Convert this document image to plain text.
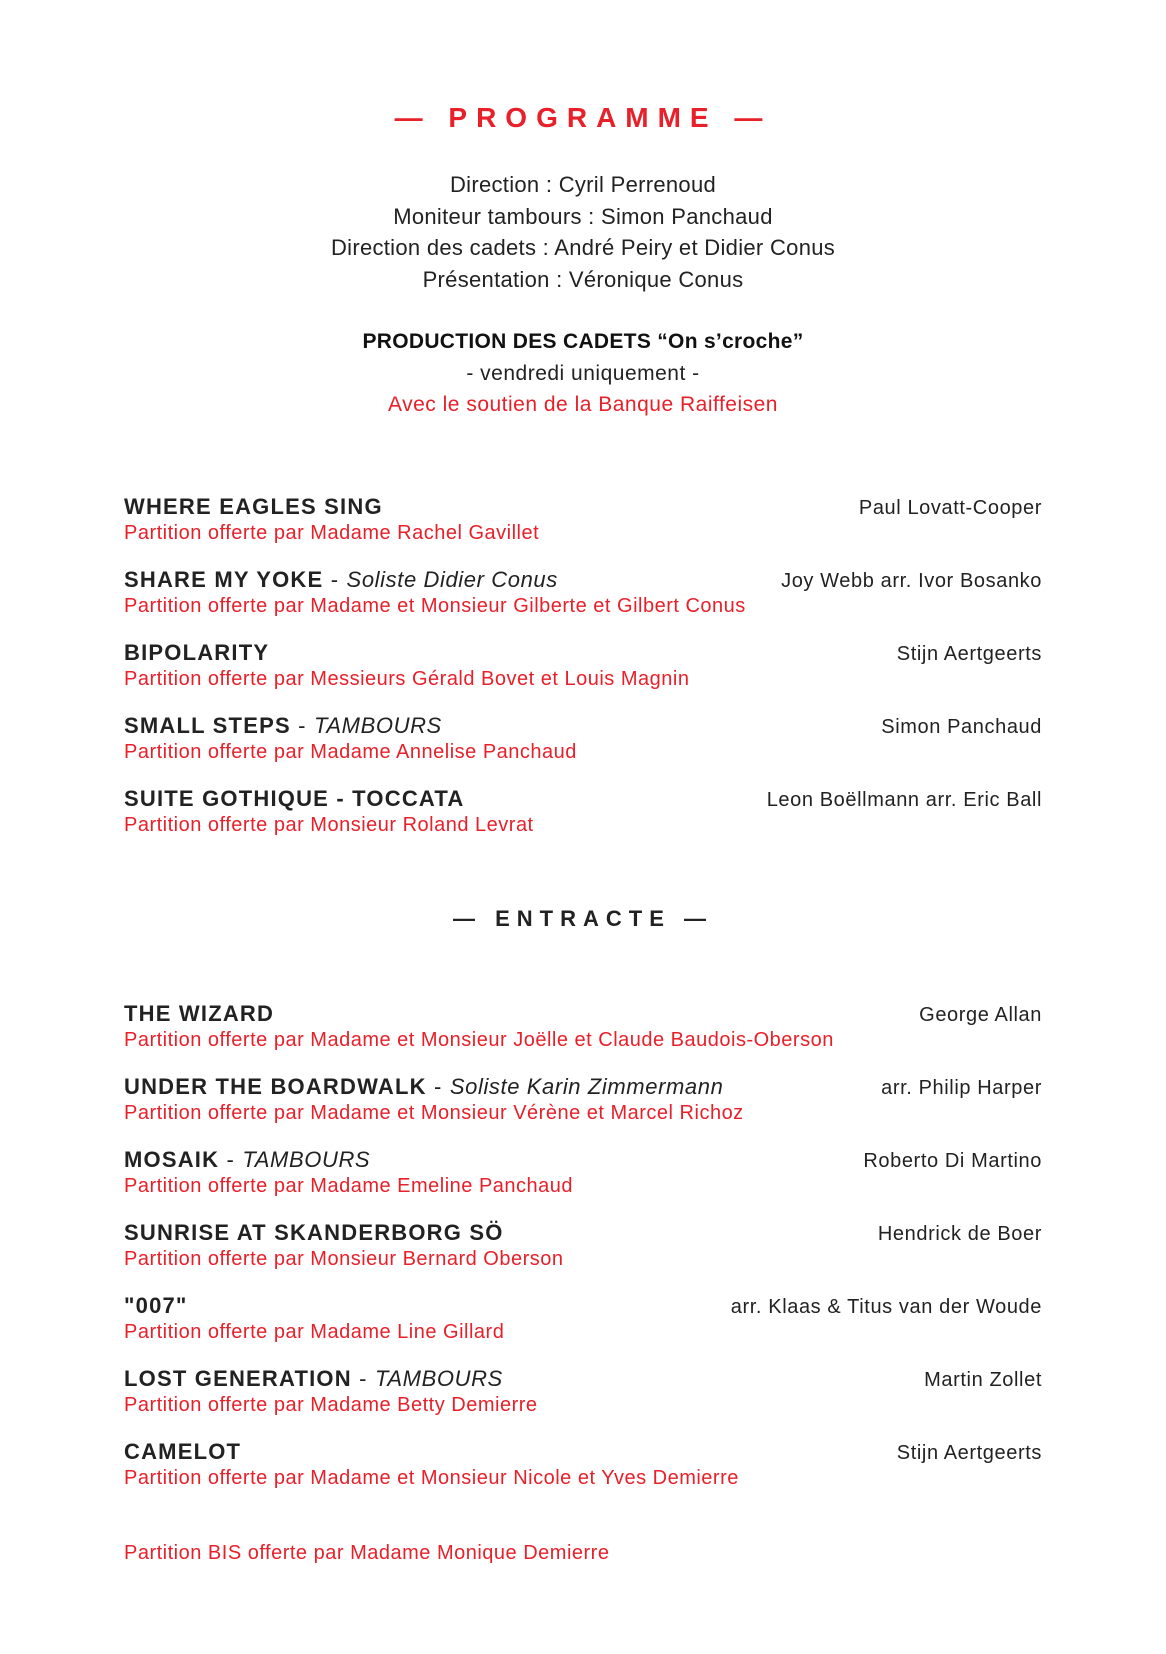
— PROGRAMME —
Direction : Cyril Perrenoud
Moniteur tambours : Simon Panchaud
Direction des cadets : André Peiry et Didier Conus
Présentation : Véronique Conus
PRODUCTION DES CADETS “On s’croche”
- vendredi uniquement -
Avec le soutien de la Banque Raiffeisen
WHERE EAGLES SING	Paul Lovatt-Cooper
Partition offerte par Madame Rachel Gavillet
SHARE MY YOKE - Soliste Didier Conus	Joy Webb arr. Ivor Bosanko
Partition offerte par Madame et Monsieur Gilberte et Gilbert Conus
BIPOLARITY	Stijn Aertgeerts
Partition offerte par Messieurs Gérald Bovet et Louis Magnin
SMALL STEPS - TAMBOURS	Simon Panchaud
Partition offerte par Madame Annelise Panchaud
SUITE GOTHIQUE - TOCCATA	Leon Boëllmann arr. Eric Ball
Partition offerte par Monsieur Roland Levrat
— ENTRACTE —
THE WIZARD	George Allan
Partition offerte par Madame et Monsieur Joëlle et Claude Baudois-Oberson
UNDER THE BOARDWALK - Soliste Karin Zimmermann	arr. Philip Harper
Partition offerte par Madame et Monsieur Vérène et Marcel Richoz
MOSAIK - TAMBOURS	Roberto Di Martino
Partition offerte par Madame Emeline Panchaud
SUNRISE AT SKANDERBORG SÖ	Hendrick de Boer
Partition offerte par Monsieur Bernard Oberson
"007"	arr. Klaas & Titus van der Woude
Partition offerte par Madame Line Gillard
LOST GENERATION - TAMBOURS	Martin Zollet
Partition offerte par Madame Betty Demierre
CAMELOT	Stijn Aertgeerts
Partition offerte par Madame et Monsieur Nicole et Yves Demierre
Partition BIS offerte par Madame Monique Demierre
